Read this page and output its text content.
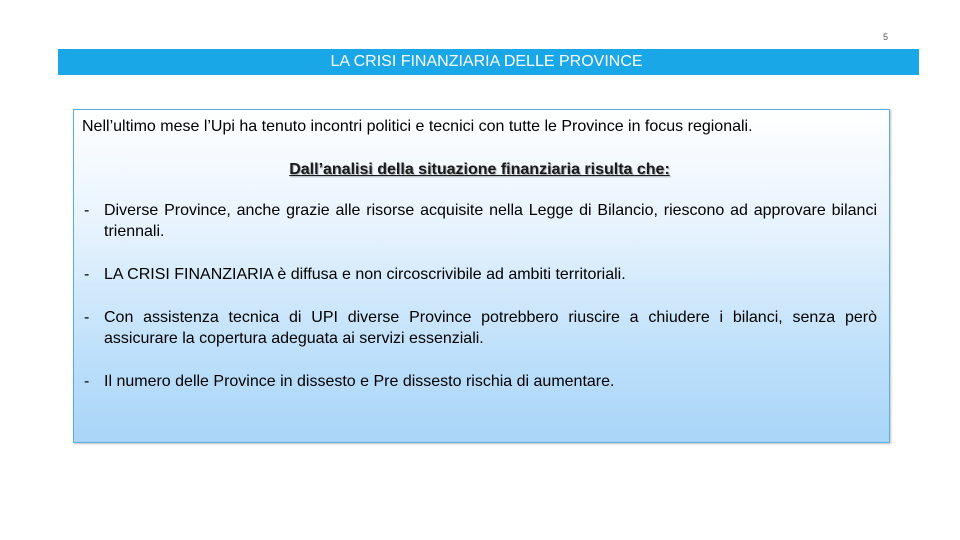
5
LA CRISI FINANZIARIA DELLE PROVINCE

Nell’ultimo mese l’Upi ha tenuto incontri politici e tecnici con tutte le Province in focus regionali.

Dall’analisi della situazione finanziaria risulta che:

- Diverse Province, anche grazie alle risorse acquisite nella Legge di Bilancio, riescono ad approvare bilanci triennali.
- LA CRISI FINANZIARIA è diffusa e non circoscrivibile ad ambiti territoriali.
- Con assistenza tecnica di UPI diverse Province potrebbero riuscire a chiudere i bilanci, senza però assicurare la copertura adeguata ai servizi essenziali.
- Il numero delle Province in dissesto e Pre dissesto rischia di aumentare.
